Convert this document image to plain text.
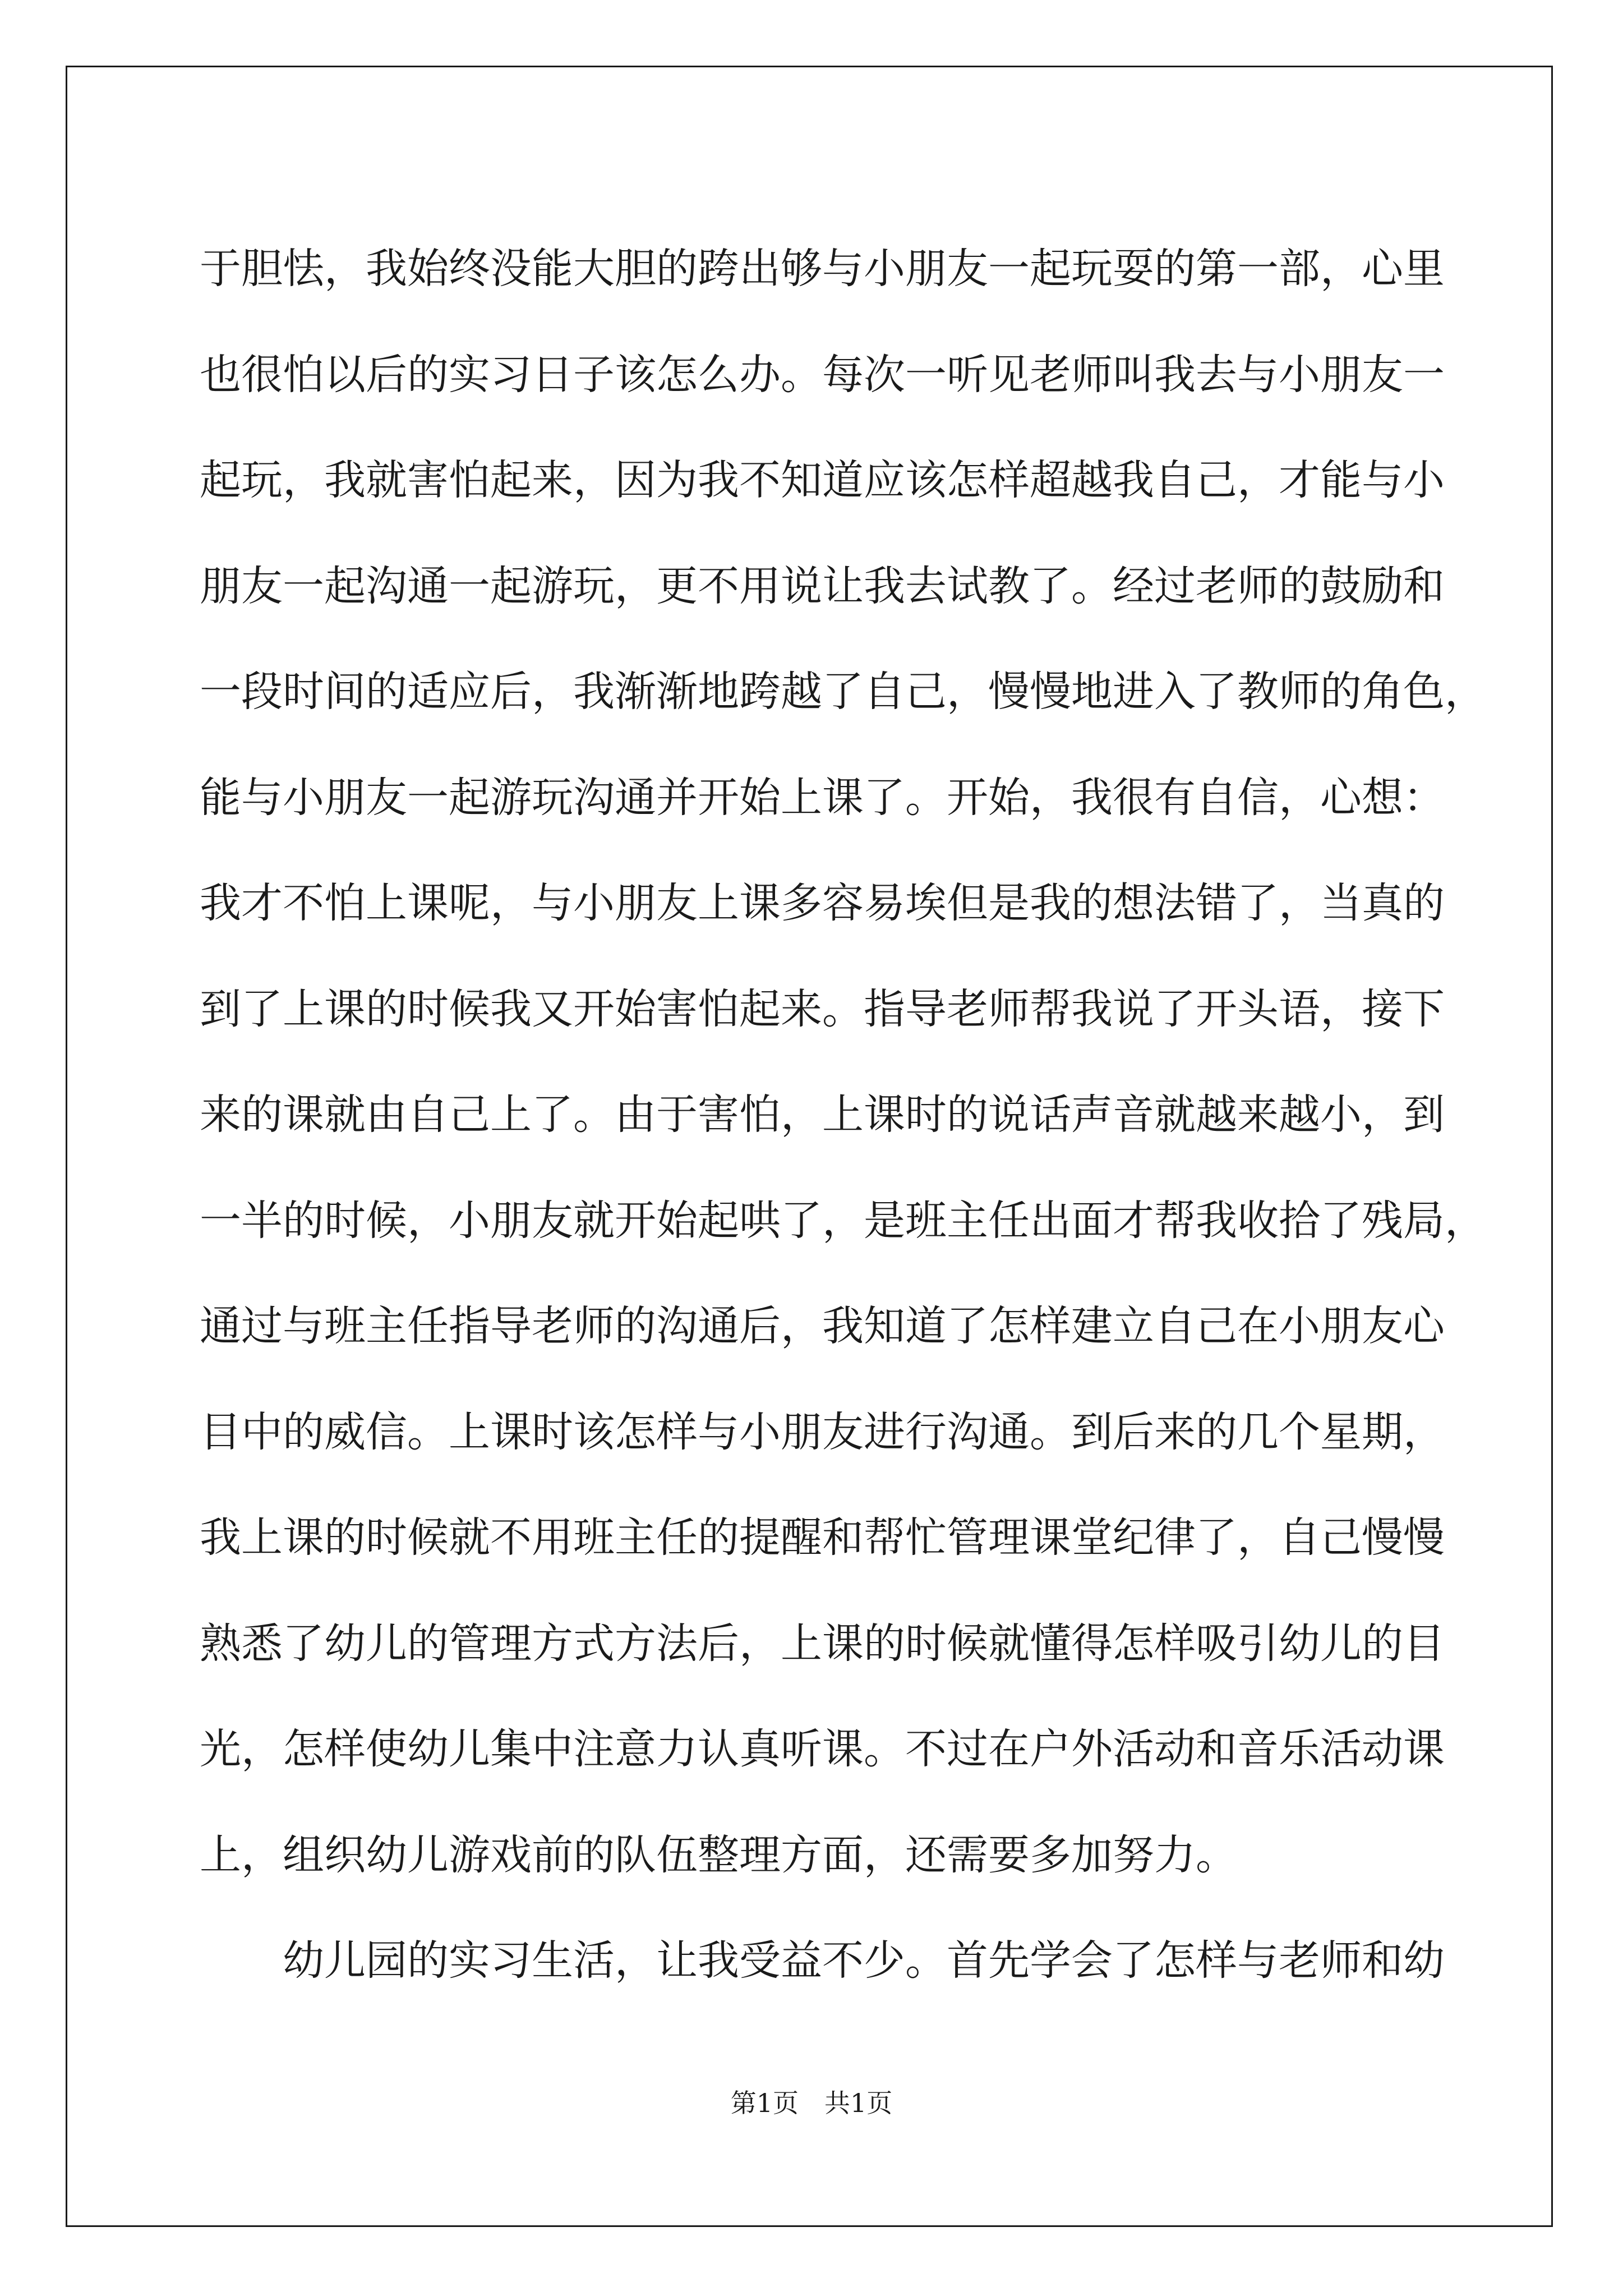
于胆怯，我始终没能大胆的跨出够与小朋友一起玩耍的第一部，心里
也很怕以后的实习日子该怎么办。每次一听见老师叫我去与小朋友一
起玩，我就害怕起来，因为我不知道应该怎样超越我自己，才能与小
朋友一起沟通一起游玩，更不用说让我去试教了。经过老师的鼓励和
一段时间的适应后，我渐渐地跨越了自己，慢慢地进入了教师的角色，
能与小朋友一起游玩沟通并开始上课了。开始，我很有自信，心想：
我才不怕上课呢，与小朋友上课多容易埃但是我的想法错了，当真的
到了上课的时候我又开始害怕起来。指导老师帮我说了开头语，接下
来的课就由自己上了。由于害怕，上课时的说话声音就越来越小，到
一半的时候，小朋友就开始起哄了，是班主任出面才帮我收拾了残局，
通过与班主任指导老师的沟通后，我知道了怎样建立自己在小朋友心
目中的威信。上课时该怎样与小朋友进行沟通。到后来的几个星期，
我上课的时候就不用班主任的提醒和帮忙管理课堂纪律了，自己慢慢
熟悉了幼儿的管理方式方法后，上课的时候就懂得怎样吸引幼儿的目
光，怎样使幼儿集中注意力认真听课。不过在户外活动和音乐活动课
上，组织幼儿游戏前的队伍整理方面，还需要多加努力。
幼儿园的实习生活，让我受益不少。首先学会了怎样与老师和幼
第1页　共1页
